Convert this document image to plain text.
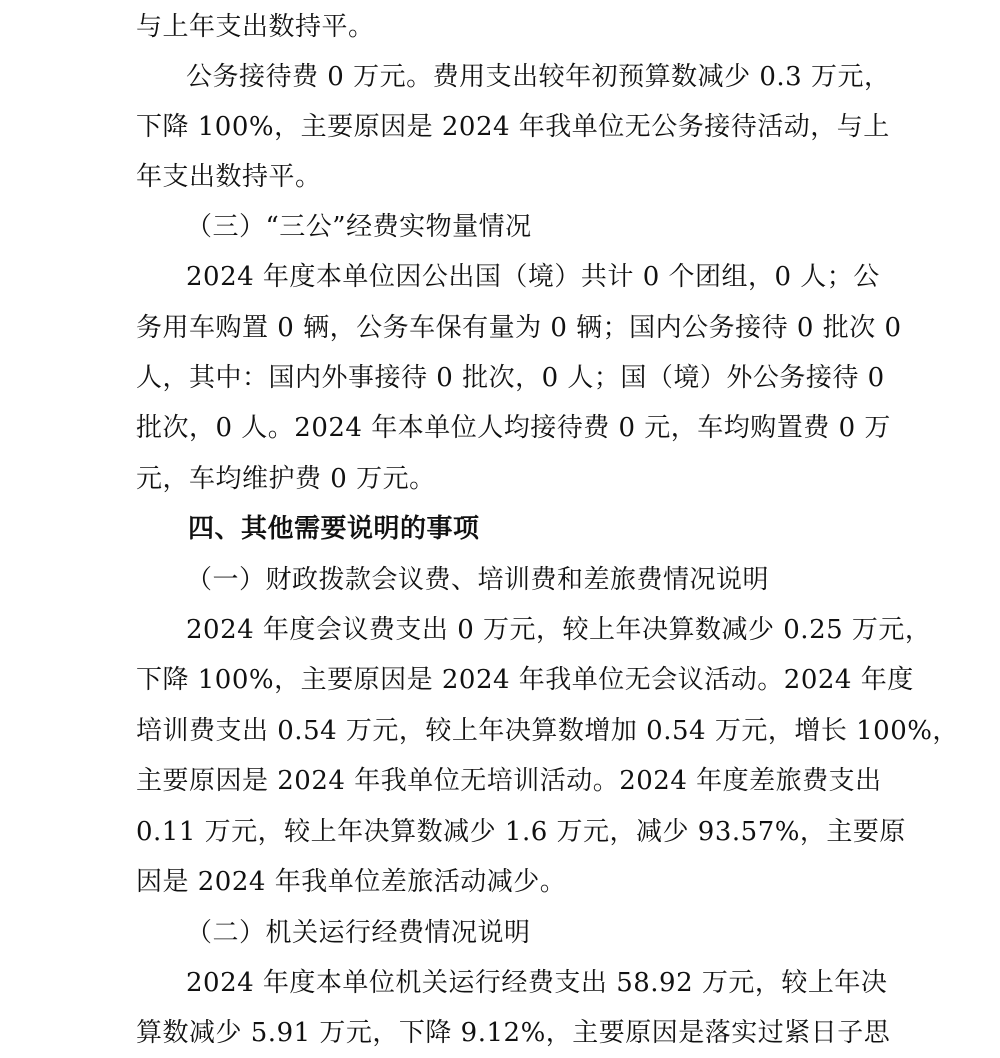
与上年支出数持平。
公务接待费 0 万元。费用支出较年初预算数减少 0.3 万元，
下降 100%，主要原因是 2024 年我单位无公务接待活动，与上
年支出数持平。
（三）“三公”经费实物量情况
2024 年度本单位因公出国（境）共计 0 个团组，0 人；公
务用车购置 0 辆，公务车保有量为 0 辆；国内公务接待 0 批次 0
人，其中：国内外事接待 0 批次，0 人；国（境）外公务接待 0
批次，0 人。2024 年本单位人均接待费 0 元，车均购置费 0 万
元，车均维护费 0 万元。
四、其他需要说明的事项
（一）财政拨款会议费、培训费和差旅费情况说明
2024 年度会议费支出 0 万元，较上年决算数减少 0.25 万元，
下降 100%，主要原因是 2024 年我单位无会议活动。2024 年度
培训费支出 0.54 万元，较上年决算数增加 0.54 万元，增长 100%，
主要原因是 2024 年我单位无培训活动。2024 年度差旅费支出
0.11 万元，较上年决算数减少 1.6 万元，减少 93.57%，主要原
因是 2024 年我单位差旅活动减少。
（二）机关运行经费情况说明
2024 年度本单位机关运行经费支出 58.92 万元，较上年决
算数减少 5.91 万元，下降 9.12%，主要原因是落实过紧日子思
